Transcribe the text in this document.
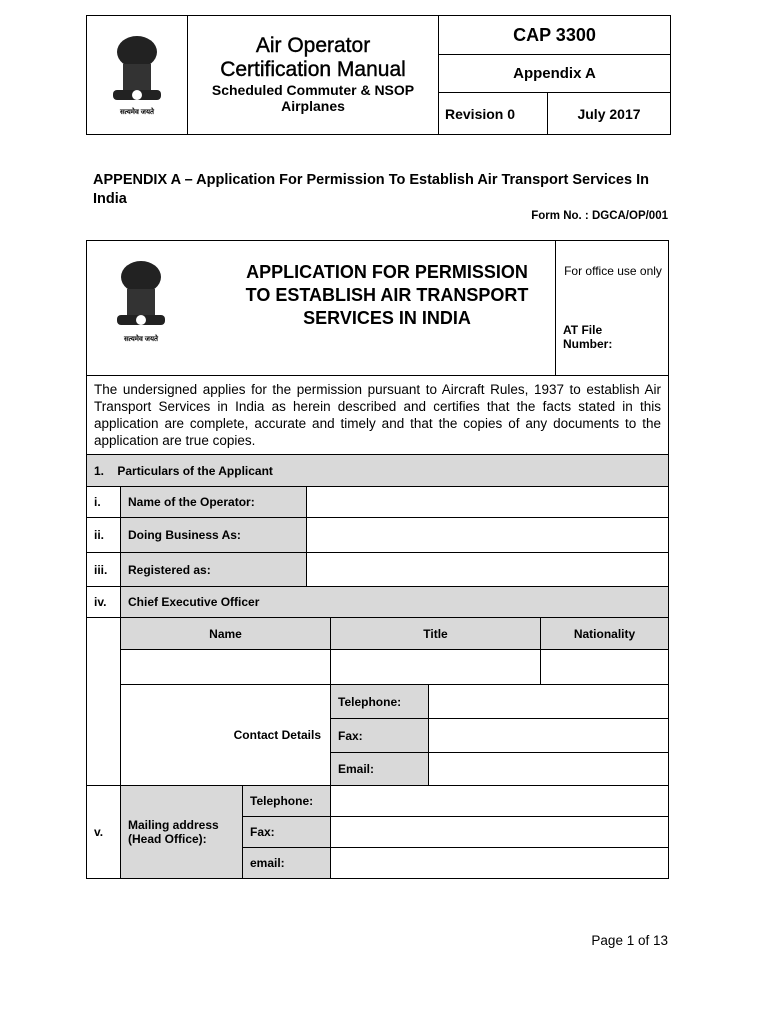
सत्यमेव जयते
Air Operator
Certification Manual
Scheduled Commuter & NSOP Airplanes
CAP 3300
Appendix A
Revision 0	July 2017
APPENDIX A – Application For Permission To Establish Air Transport Services In India
Form No. : DGCA/OP/001
सत्यमेव जयते
APPLICATION FOR PERMISSION TO ESTABLISH AIR TRANSPORT SERVICES IN INDIA
For office use only
AT File Number:
The undersigned applies for the permission pursuant to Aircraft Rules, 1937 to establish Air Transport Services in India as herein described and certifies that the facts stated in this application are complete, accurate and timely and that the copies of any documents to the application are true copies.
1.    Particulars of the Applicant
i.	Name of the Operator:
ii.	Doing Business As:
iii.	Registered as:
iv.	Chief Executive Officer
Name	Title	Nationality
Contact Details
Telephone:
Fax:
Email:
v.	Mailing address (Head Office):
Telephone:
Fax:
email:
Page 1 of 13
